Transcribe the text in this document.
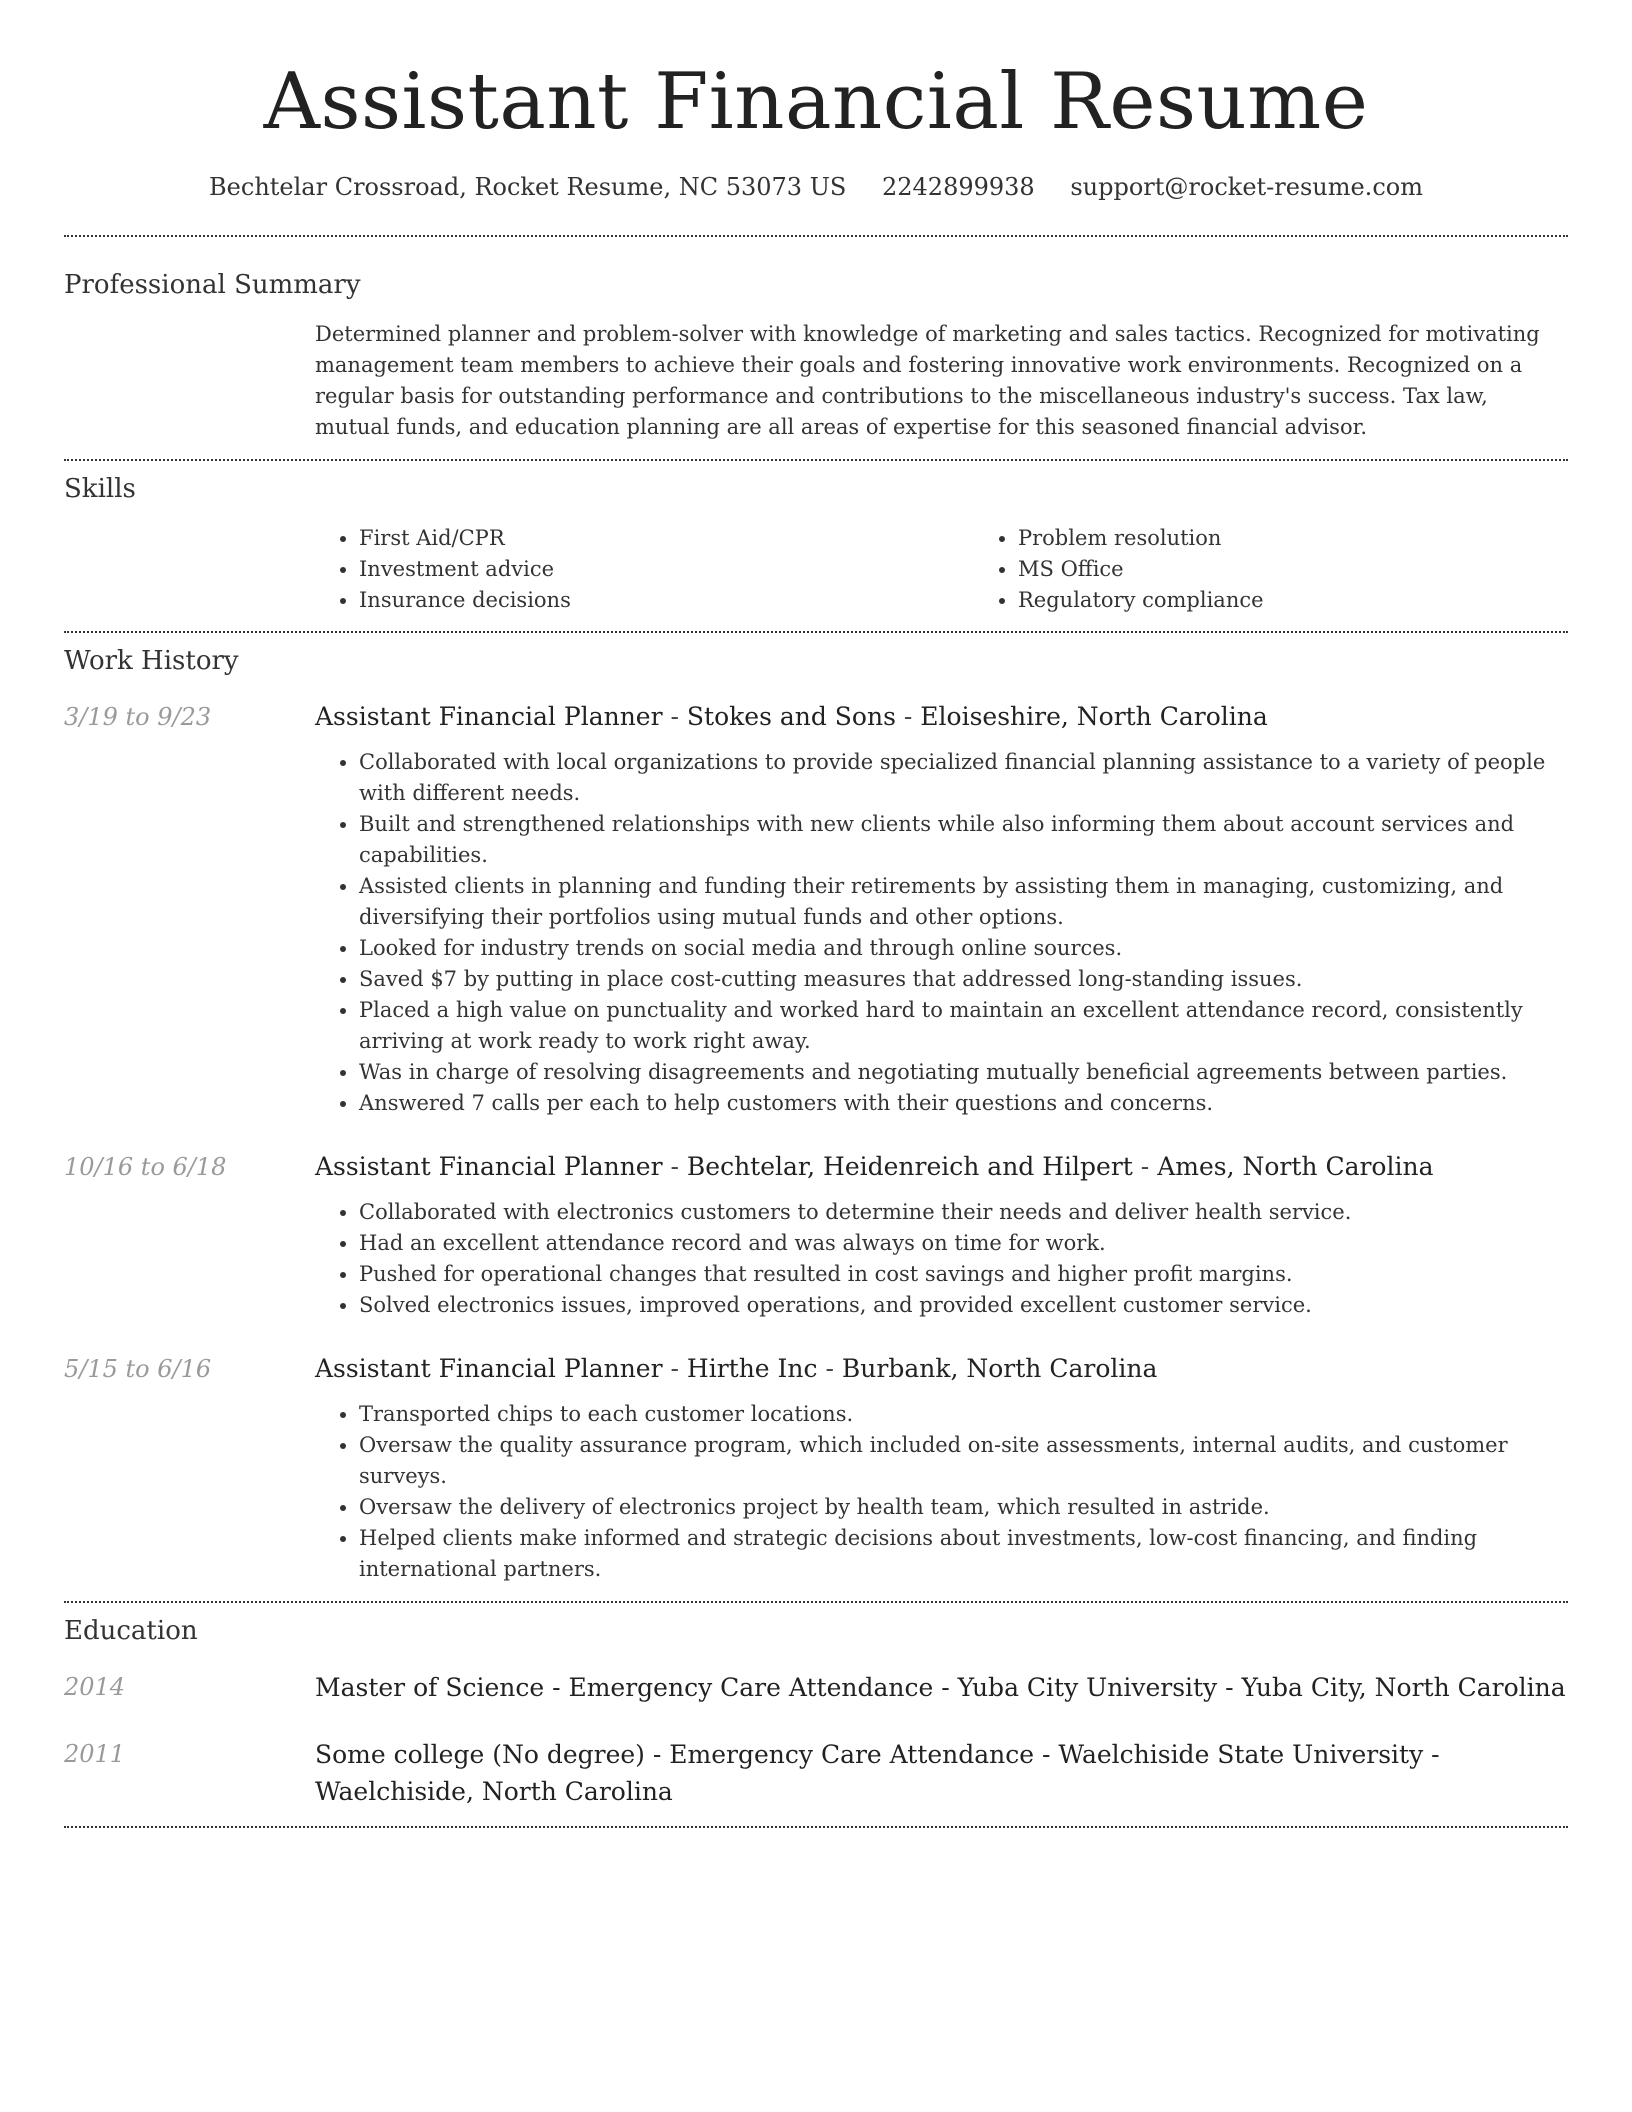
Assistant Financial Resume
Bechtelar Crossroad, Rocket Resume, NC 53073 US 2242899938 support@rocket-resume.com
Professional Summary
Determined planner and problem-solver with knowledge of marketing and sales tactics. Recognized for motivating management team members to achieve their goals and fostering innovative work environments. Recognized on a regular basis for outstanding performance and contributions to the miscellaneous industry's success. Tax law, mutual funds, and education planning are all areas of expertise for this seasoned financial advisor.
Skills
• First Aid/CPR
• Investment advice
• Insurance decisions
• Problem resolution
• MS Office
• Regulatory compliance
Work History
3/19 to 9/23	Assistant Financial Planner - Stokes and Sons - Eloiseshire, North Carolina
• Collaborated with local organizations to provide specialized financial planning assistance to a variety of people with different needs.
• Built and strengthened relationships with new clients while also informing them about account services and capabilities.
• Assisted clients in planning and funding their retirements by assisting them in managing, customizing, and diversifying their portfolios using mutual funds and other options.
• Looked for industry trends on social media and through online sources.
• Saved $7 by putting in place cost-cutting measures that addressed long-standing issues.
• Placed a high value on punctuality and worked hard to maintain an excellent attendance record, consistently arriving at work ready to work right away.
• Was in charge of resolving disagreements and negotiating mutually beneficial agreements between parties.
• Answered 7 calls per each to help customers with their questions and concerns.
10/16 to 6/18	Assistant Financial Planner - Bechtelar, Heidenreich and Hilpert - Ames, North Carolina
• Collaborated with electronics customers to determine their needs and deliver health service.
• Had an excellent attendance record and was always on time for work.
• Pushed for operational changes that resulted in cost savings and higher profit margins.
• Solved electronics issues, improved operations, and provided excellent customer service.
5/15 to 6/16	Assistant Financial Planner - Hirthe Inc - Burbank, North Carolina
• Transported chips to each customer locations.
• Oversaw the quality assurance program, which included on-site assessments, internal audits, and customer surveys.
• Oversaw the delivery of electronics project by health team, which resulted in astride.
• Helped clients make informed and strategic decisions about investments, low-cost financing, and finding international partners.
Education
2014	Master of Science - Emergency Care Attendance - Yuba City University - Yuba City, North Carolina
2011	Some college (No degree) - Emergency Care Attendance - Waelchiside State University - Waelchiside, North Carolina
